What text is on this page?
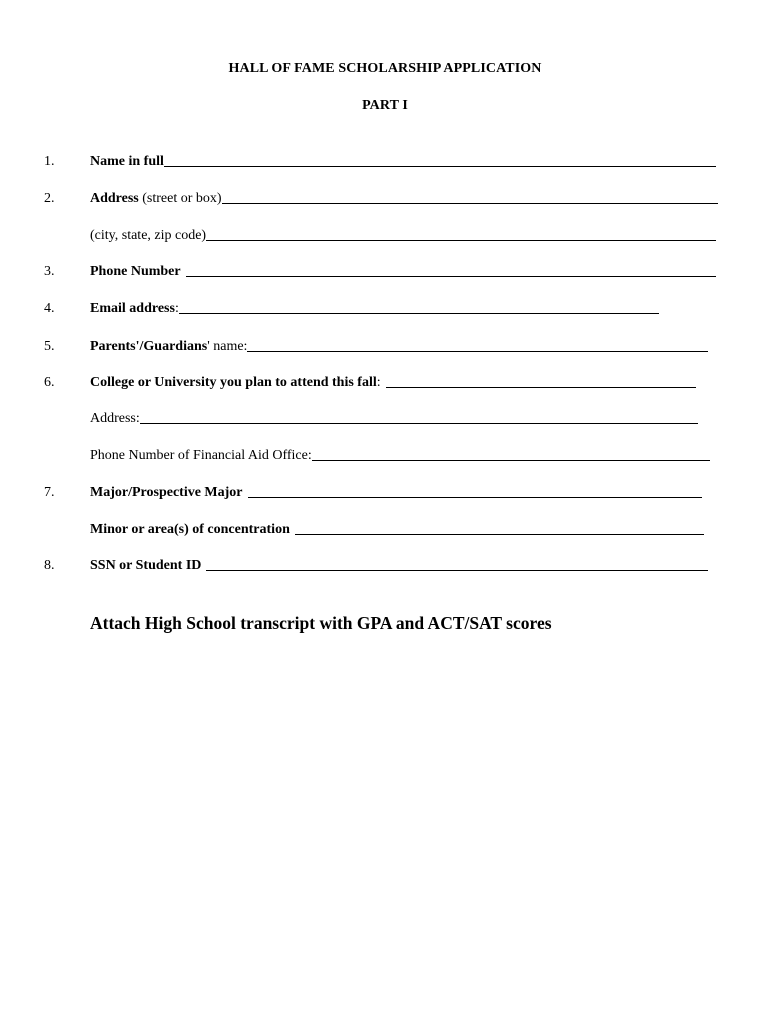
HALL OF FAME SCHOLARSHIP APPLICATION
PART I
1.	Name in full
2.	Address (street or box)
(city, state, zip code)
3.	Phone Number
4.	Email address :
5.	Parents'/Guardians ' name:
6.	College or University you plan to attend this fall :
Address:
Phone Number of Financial Aid Office:
7.	Major/Prospective Major
Minor or area(s) of concentration
8.	SSN or Student ID
Attach High School transcript with GPA and ACT/SAT scores
